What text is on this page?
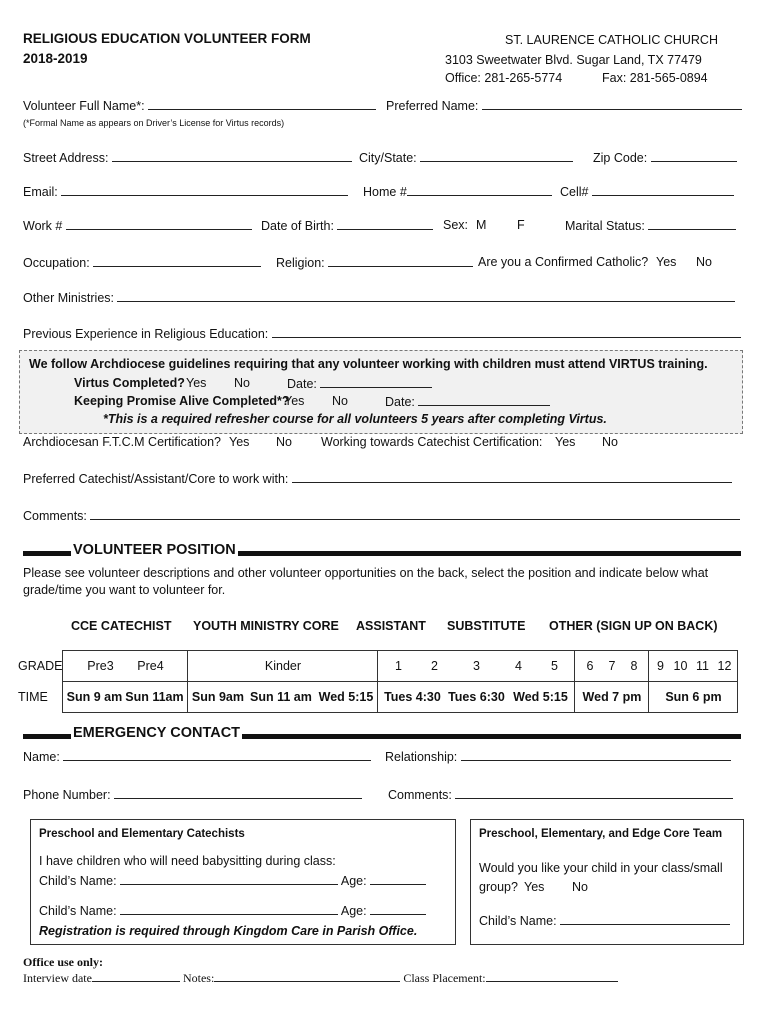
RELIGIOUS EDUCATION VOLUNTEER FORM
2018-2019
ST. LAURENCE CATHOLIC CHURCH
3103 Sweetwater Blvd. Sugar Land, TX 77479
Office: 281-265-5774	Fax: 281-565-0894
Volunteer Full Name*:	Preferred Name:
(*Formal Name as appears on Driver’s License for Virtus records)
Street Address:	City/State:	Zip Code:
Email:	Home #	Cell#
Work #	Date of Birth:	Sex: M F	Marital Status:
Occupation:	Religion:	Are you a Confirmed Catholic? Yes No
Other Ministries:
Previous Experience in Religious Education:
We follow Archdiocese guidelines requiring that any volunteer working with children must attend VIRTUS training.
Virtus Completed? Yes No	Date:
Keeping Promise Alive Completed*?
Yes No	Date:
*This is a required refresher course for all volunteers 5 years after completing Virtus.
Archdiocesan F.T.C.M Certification? Yes No Working towards Catechist Certification: Yes No
Preferred Catechist/Assistant/Core to work with:
Comments:
VOLUNTEER POSITION
Please see volunteer descriptions and other volunteer opportunities on the back, select the position and indicate below what
grade/time you want to volunteer for.
CCE CATECHIST YOUTH MINISTRY CORE ASSISTANT SUBSTITUTE OTHER (SIGN UP ON BACK)
GRADE	Pre3 Pre4	Kinder	1 2 3 4 5	6 7 8	9 10 11 12
TIME	Sun 9 am Sun 11am	Sun 9am Sun 11 am Wed 5:15	Tues 4:30 Tues 6:30 Wed 5:15	Wed 7 pm	Sun 6 pm
EMERGENCY CONTACT
Name:	Relationship:
Phone Number:	Comments:
Preschool and Elementary Catechists
I have children who will need babysitting during class:
Child’s Name:	Age:
Child’s Name:	Age:
Registration is required through Kingdom Care in Parish Office.
Preschool, Elementary, and Edge Core Team
Would you like your child in your class/small
group? Yes No
Child’s Name:
Office use only:
Interview date	Notes:	Class Placement:
